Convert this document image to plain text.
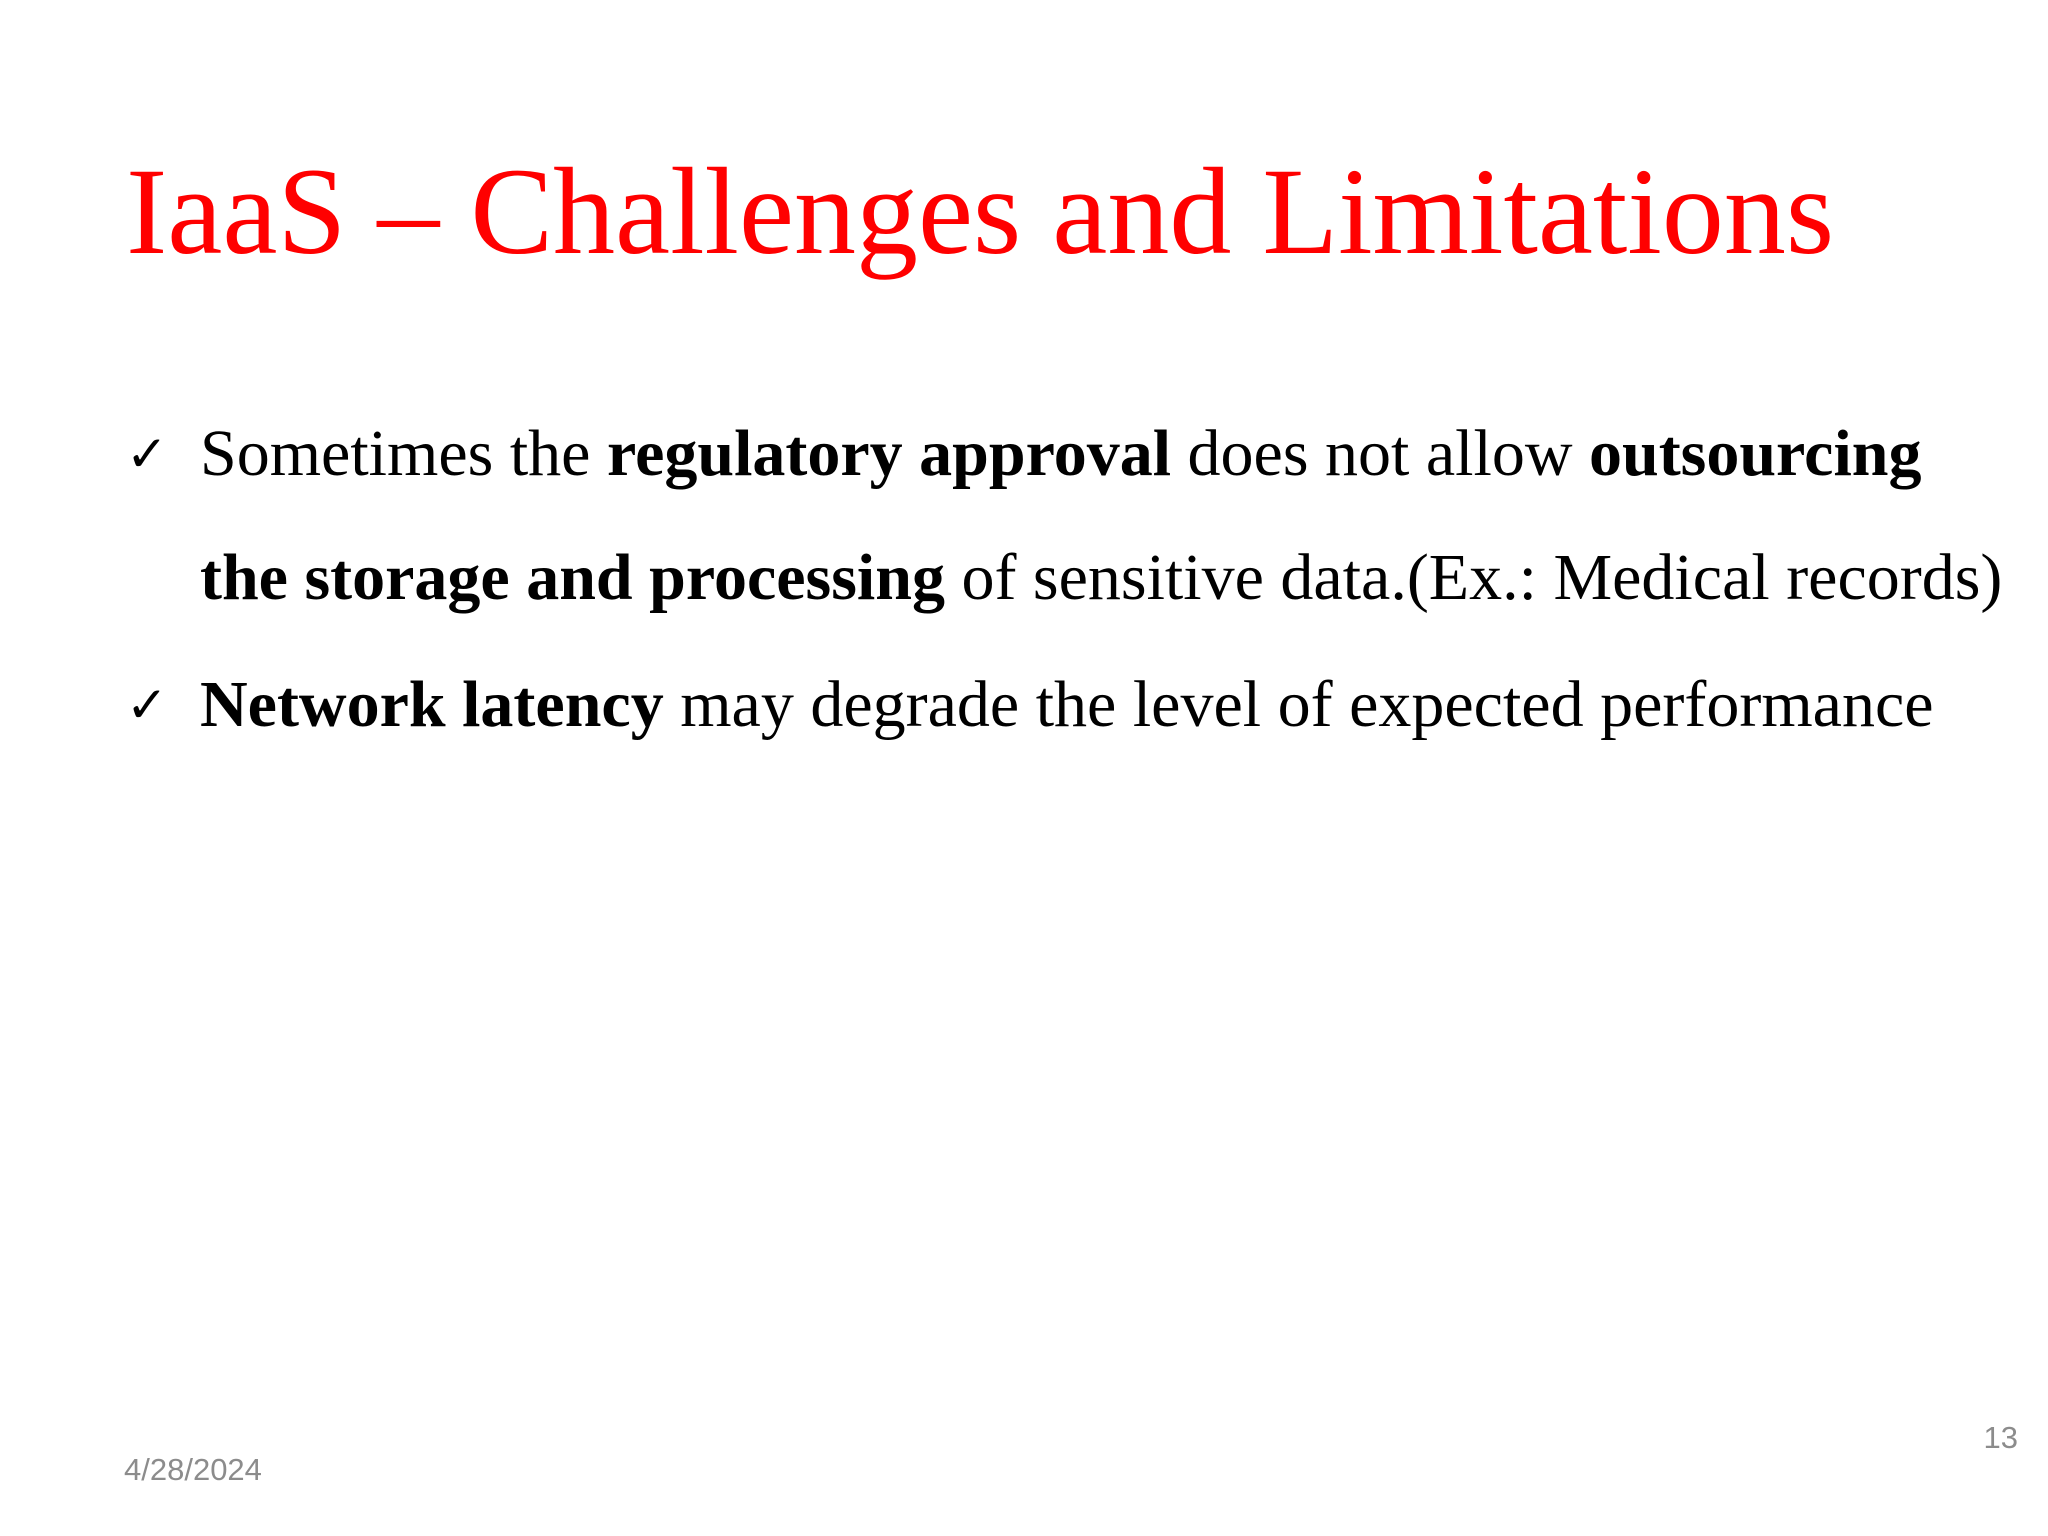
IaaS – Challenges and Limitations
✓ Sometimes the regulatory approval does not allow outsourcing the storage and processing of sensitive data.(Ex.: Medical records)
✓ Network latency may degrade the level of expected performance
4/28/2024
13
